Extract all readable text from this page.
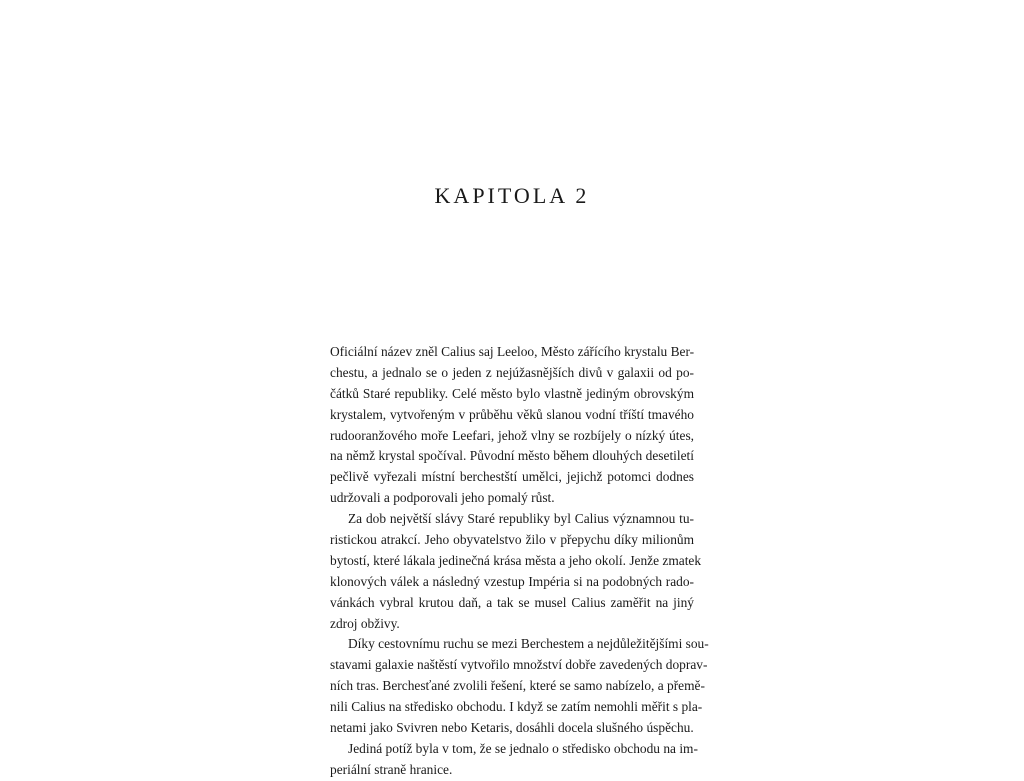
KAPITOLA 2
Oficiální název zněl Calius saj Leeloo, Město zářícího krystalu Ber-
chestu, a jednalo se o jeden z nejúžasnějších divů v galaxii od po-
čátků Staré republiky. Celé město bylo vlastně jediným obrovským
krystalem, vytvořeným v průběhu věků slanou vodní tříští tmavého
rudooranžového moře Leefari, jehož vlny se rozbíjely o nízký útes,
na němž krystal spočíval. Původní město během dlouhých desetiletí
pečlivě vyřezali místní berchestští umělci, jejichž potomci dodnes
udržovali a podporovali jeho pomalý růst.
Za dob největší slávy Staré republiky byl Calius významnou tu-
ristickou atrakcí. Jeho obyvatelstvo žilo v přepychu díky milionům
bytostí, které lákala jedinečná krása města a jeho okolí. Jenže zmatek
klonových válek a následný vzestup Impéria si na podobných rado-
vánkách vybral krutou daň, a tak se musel Calius zaměřit na jiný
zdroj obživy.
Díky cestovnímu ruchu se mezi Berchestem a nejdůležitějšími sou-
stavami galaxie naštěstí vytvořilo množství dobře zavedených doprav-
ních tras. Berchesťané zvolili řešení, které se samo nabízelo, a přemě-
nili Calius na středisko obchodu. I když se zatím nemohli měřit s pla-
netami jako Svivren nebo Ketaris, dosáhli docela slušného úspěchu.
Jediná potíž byla v tom, že se jednalo o středisko obchodu na im-
periální straně hranice.
